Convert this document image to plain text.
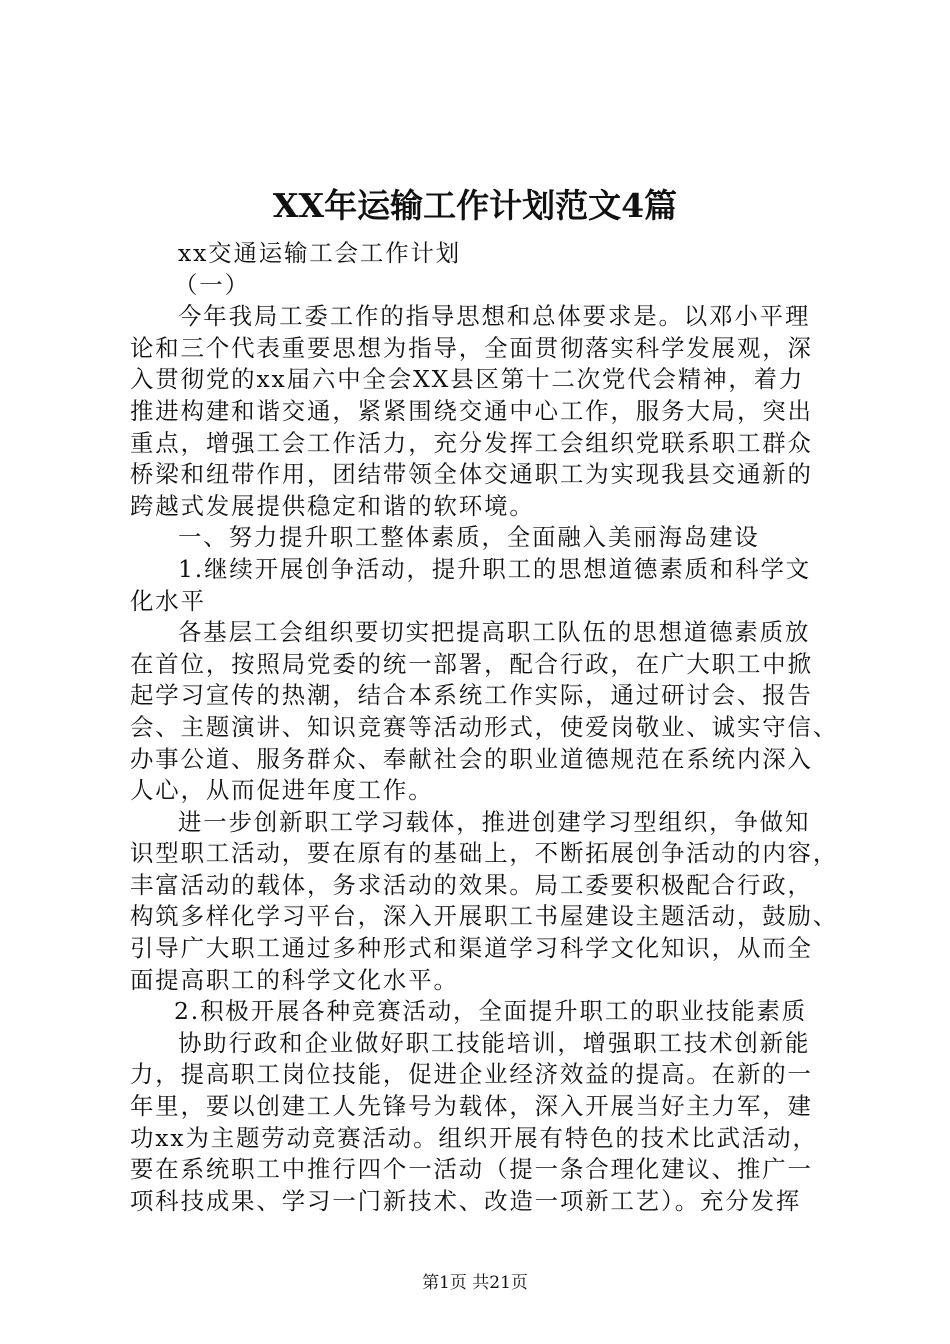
XX年运输工作计划范文4篇
xx交通运输工会工作计划
（一）
今年我局工委工作的指导思想和总体要求是。以邓小平理
论和三个代表重要思想为指导，全面贯彻落实科学发展观，深
入贯彻党的xx届六中全会XX县区第十二次党代会精神，着力
推进构建和谐交通，紧紧围绕交通中心工作，服务大局，突出
重点，增强工会工作活力，充分发挥工会组织党联系职工群众
桥梁和纽带作用，团结带领全体交通职工为实现我县交通新的
跨越式发展提供稳定和谐的软环境。
一、努力提升职工整体素质，全面融入美丽海岛建设
1.继续开展创争活动，提升职工的思想道德素质和科学文
化水平
各基层工会组织要切实把提高职工队伍的思想道德素质放
在首位，按照局党委的统一部署，配合行政，在广大职工中掀
起学习宣传的热潮，结合本系统工作实际，通过研讨会、报告
会、主题演讲、知识竞赛等活动形式，使爱岗敬业、诚实守信、
办事公道、服务群众、奉献社会的职业道德规范在系统内深入
人心，从而促进年度工作。
进一步创新职工学习载体，推进创建学习型组织，争做知
识型职工活动，要在原有的基础上，不断拓展创争活动的内容，
丰富活动的载体，务求活动的效果。局工委要积极配合行政，
构筑多样化学习平台，深入开展职工书屋建设主题活动，鼓励、
引导广大职工通过多种形式和渠道学习科学文化知识，从而全
面提高职工的科学文化水平。
2.积极开展各种竞赛活动，全面提升职工的职业技能素质
协助行政和企业做好职工技能培训，增强职工技术创新能
力，提高职工岗位技能，促进企业经济效益的提高。在新的一
年里，要以创建工人先锋号为载体，深入开展当好主力军，建
功xx为主题劳动竞赛活动。组织开展有特色的技术比武活动，
要在系统职工中推行四个一活动（提一条合理化建议、推广一
项科技成果、学习一门新技术、改造一项新工艺）。充分发挥
第1页 共21页
